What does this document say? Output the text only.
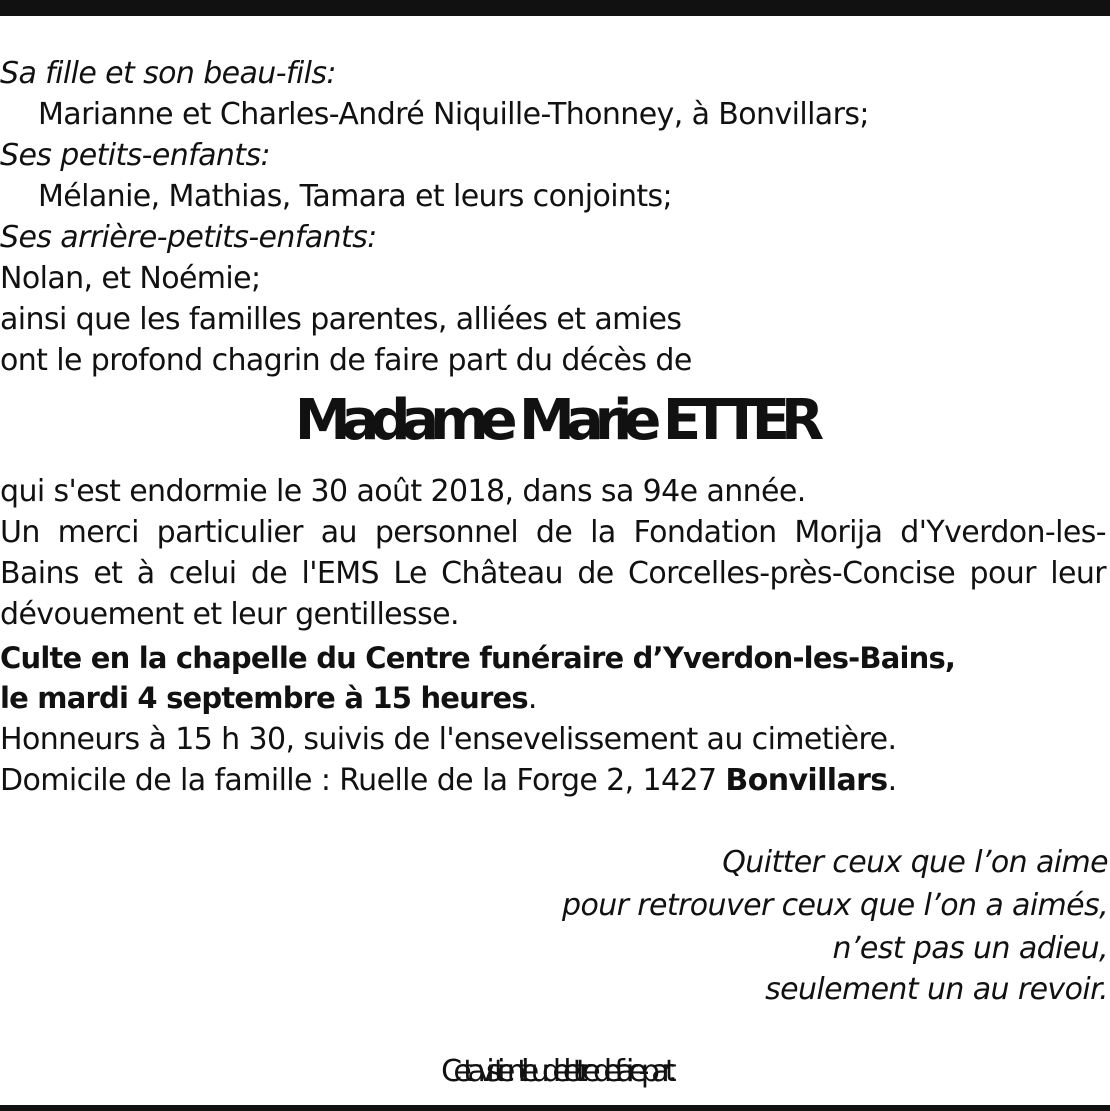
Sa fille et son beau-fils:
Marianne et Charles-André Niquille-Thonney, à Bonvillars;
Ses petits-enfants:
Mélanie, Mathias, Tamara et leurs conjoints;
Ses arrière-petits-enfants:
Nolan, et Noémie;
ainsi que les familles parentes, alliées et amies
ont le profond chagrin de faire part du décès de
Madame Marie ETTER
qui s'est endormie le 30 août 2018, dans sa 94e année.
Un merci particulier au personnel de la Fondation Morija d'Yverdon-les-
Bains et à celui de l'EMS Le Château de Corcelles-près-Concise pour leur
dévouement et leur gentillesse.
Culte en la chapelle du Centre funéraire d’Yverdon-les-Bains,
le mardi 4 septembre à 15 heures.
Honneurs à 15 h 30, suivis de l'ensevelissement au cimetière.
Domicile de la famille : Ruelle de la Forge 2, 1427 Bonvillars.
Quitter ceux que l’on aime
pour retrouver ceux que l’on a aimés,
n’est pas un adieu,
seulement un au revoir.
Cet avis tient lieu de lettre de faire-part.
